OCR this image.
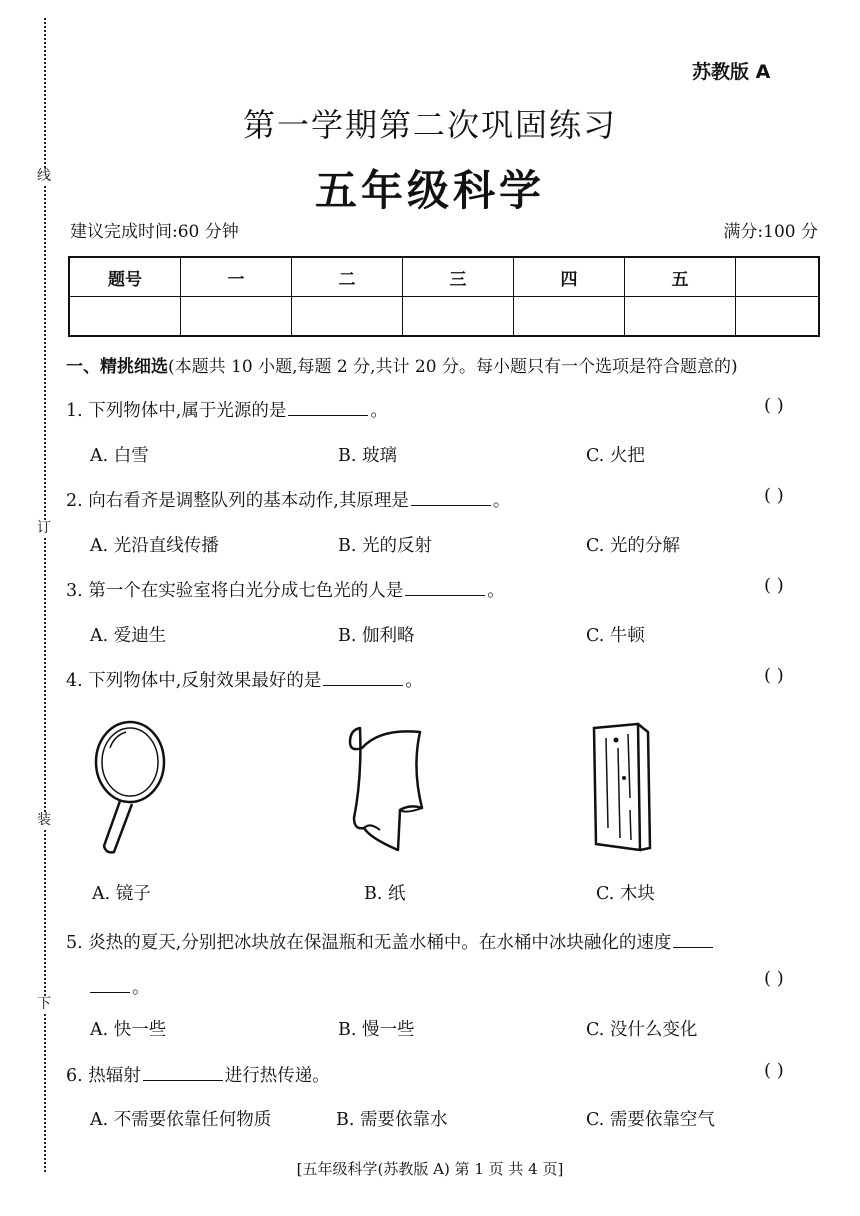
线
订
装
下
苏教版 A
第一学期第二次巩固练习
五年级科学
建议完成时间:60 分钟	满分:100 分
题号	一	二	三	四	五	

一、精挑细选(本题共 10 小题,每题 2 分,共计 20 分。每小题只有一个选项是符合题意的)
1. 下列物体中,属于光源的是	。	( )
A. 白雪	B. 玻璃	C. 火把
2. 向右看齐是调整队列的基本动作,其原理是	。	( )
A. 光沿直线传播	B. 光的反射	C. 光的分解
3. 第一个在实验室将白光分成七色光的人是	。	( )
A. 爱迪生	B. 伽利略	C. 牛顿
4. 下列物体中,反射效果最好的是	。	( )
A. 镜子	B. 纸	C. 木块
5. 炎热的夏天,分别把冰块放在保温瓶和无盖水桶中。在水桶中冰块融化的速度
。	( )
A. 快一些	B. 慢一些	C. 没什么变化
6. 热辐射	进行热传递。	( )
A. 不需要依靠任何物质	B. 需要依靠水	C. 需要依靠空气
[五年级科学(苏教版 A) 第 1 页 共 4 页]
